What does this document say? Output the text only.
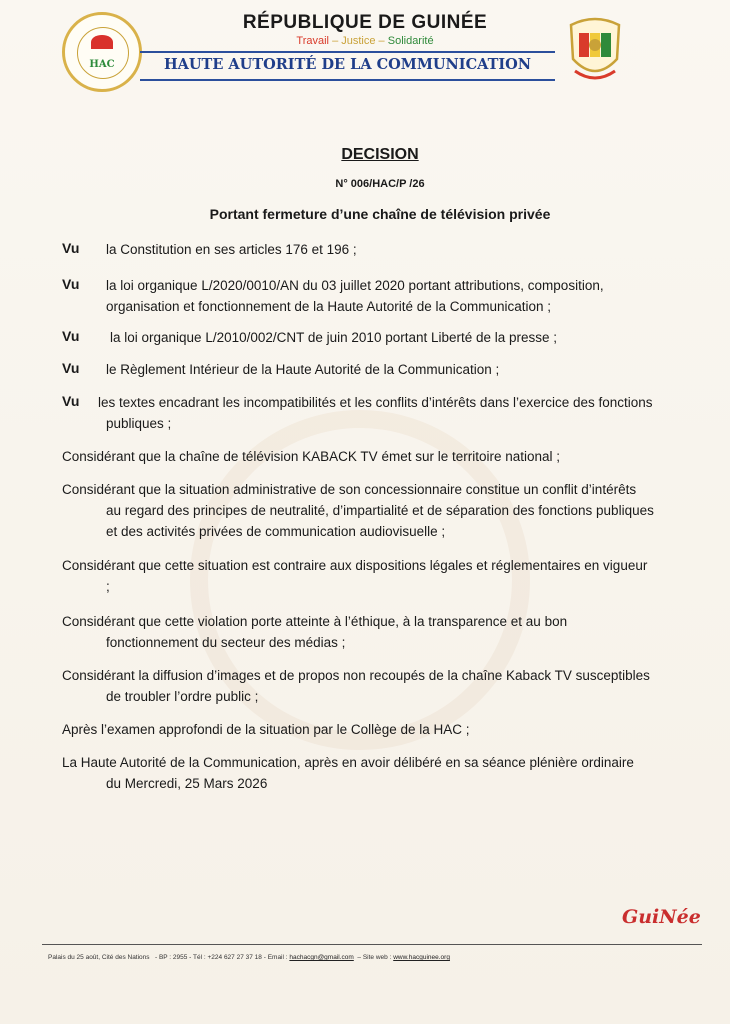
HAC
RÉPUBLIQUE DE GUINÉE
Travail – Justice – Solidarité
HAUTE AUTORITÉ DE LA COMMUNICATION
DECISION
N° 006/HAC/P /26
Portant fermeture d’une chaîne de télévision privée
Vu la Constitution en ses articles 176 et 196 ;
Vu la loi organique L/2020/0010/AN du 03 juillet 2020 portant attributions, composition,
organisation et fonctionnement de la Haute Autorité de la Communication ;
Vu la loi organique L/2010/002/CNT de juin 2010 portant Liberté de la presse ;
Vu le Règlement Intérieur de la Haute Autorité de la Communication ;
Vu les textes encadrant les incompatibilités et les conflits d’intérêts dans l’exercice des fonctions
publiques ;
Considérant que la chaîne de télévision KABACK TV émet sur le territoire national ;
Considérant que la situation administrative de son concessionnaire constitue un conflit d’intérêts
au regard des principes de neutralité, d’impartialité et de séparation des fonctions publiques
et des activités privées de communication audiovisuelle ;
Considérant que cette situation est contraire aux dispositions légales et réglementaires en vigueur
;
Considérant que cette violation porte atteinte à l’éthique, à la transparence et au bon
fonctionnement du secteur des médias ;
Considérant la diffusion d’images et de propos non recoupés de la chaîne Kaback TV susceptibles
de troubler l’ordre public ;
Après l’examen approfondi de la situation par le Collège de la HAC ;
La Haute Autorité de la Communication, après en avoir délibéré en sa séance plénière ordinaire
du Mercredi, 25 Mars 2026
GuiNée
Palais du 25 août, Cité des Nations - BP : 2955 - Tél : +224 627 27 37 18 - Email : hachacgn@gmail.com – Site web : www.hacguinee.org
